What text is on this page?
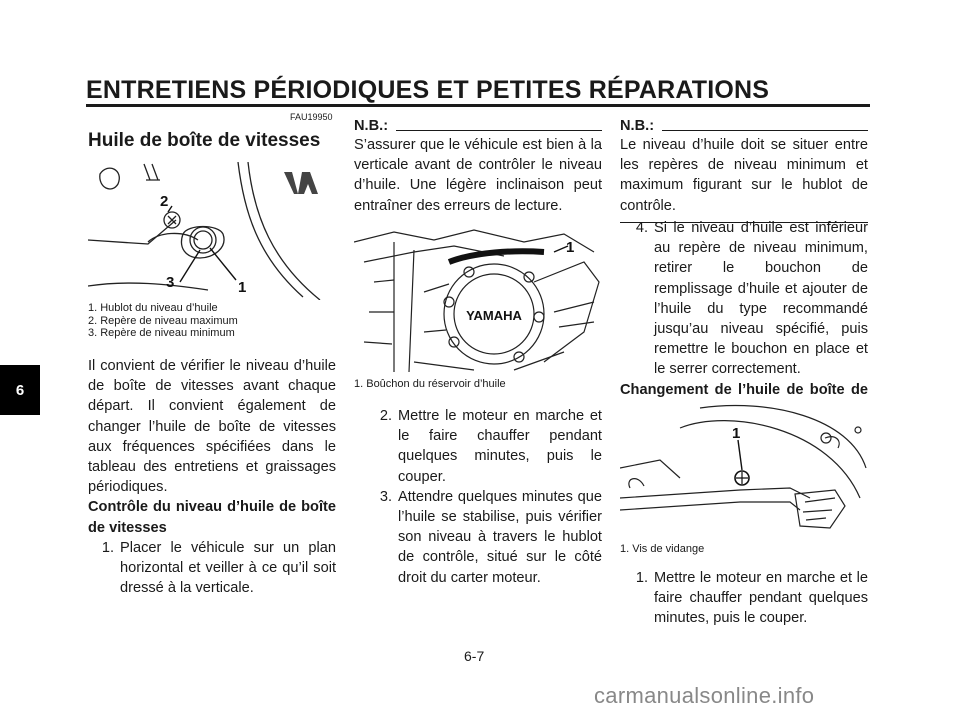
ENTRETIENS PÉRIODIQUES ET PETITES RÉPARATIONS
6
FAU19950
Huile de boîte de vitesses
2
3	1
1. Hublot du niveau d’huile
2. Repère de niveau maximum
3. Repère de niveau minimum

Il convient de vérifier le niveau d’huile de boîte de vitesses avant chaque départ. Il convient également de changer l’huile de boîte de vitesses aux fréquences spécifiées dans le tableau des entretiens et graissages périodiques.

Contrôle du niveau d’huile de boîte de vitesses

1. Placer le véhicule sur un plan horizontal et veiller à ce qu’il soit dressé à la verticale.
N.B.:
S’assurer que le véhicule est bien à la verticale avant de contrôler le niveau d’huile. Une légère inclinaison peut entraîner des erreurs de lecture.
YAMAHA
1
1. Boûchon du réservoir d’huile
2. Mettre le moteur en marche et le faire chauffer pendant quelques minutes, puis le couper.
3. Attendre quelques minutes que l’huile se stabilise, puis vérifier son niveau à travers le hublot de contrôle, situé sur le côté droit du carter moteur.
N.B.:
Le niveau d’huile doit se situer entre les repères de niveau minimum et maximum figurant sur le hublot de contrôle.
4. Si le niveau d’huile est inférieur au repère de niveau minimum, retirer le bouchon de remplissage d’huile et ajouter de l’huile du type recommandé jusqu’au niveau spécifié, puis remettre le bouchon en place et le serrer correctement.

Changement de l’huile de boîte de

1
1. Vis de vidange
1. Mettre le moteur en marche et le faire chauffer pendant quelques minutes, puis le couper.
6-7
carmanualsonline.info
